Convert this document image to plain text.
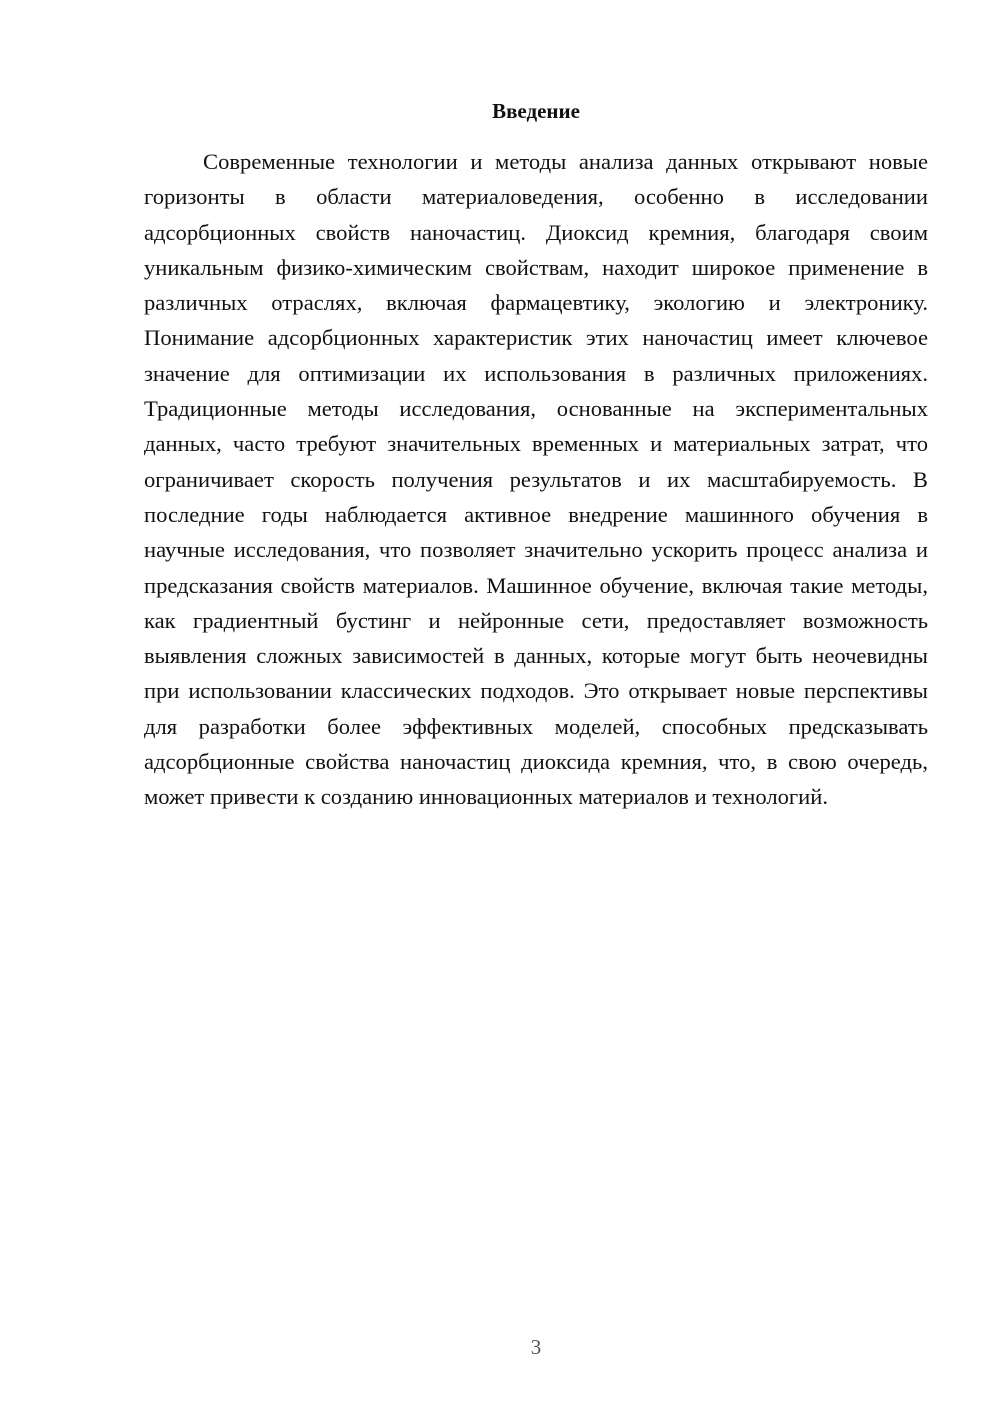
Введение

Современные технологии и методы анализа данных открывают новые горизонты в области материаловедения, особенно в исследовании адсорбционных свойств наночастиц. Диоксид кремния, благодаря своим уникальным физико-химическим свойствам, находит широкое применение в различных отраслях, включая фармацевтику, экологию и электронику. Понимание адсорбционных характеристик этих наночастиц имеет ключевое значение для оптимизации их использования в различных приложениях. Традиционные методы исследования, основанные на экспериментальных данных, часто требуют значительных временных и материальных затрат, что ограничивает скорость получения результатов и их масштабируемость. В последние годы наблюдается активное внедрение машинного обучения в научные исследования, что позволяет значительно ускорить процесс анализа и предсказания свойств материалов. Машинное обучение, включая такие методы, как градиентный бустинг и нейронные сети, предоставляет возможность выявления сложных зависимостей в данных, которые могут быть неочевидны при использовании классических подходов. Это открывает новые перспективы для разработки более эффективных моделей, способных предсказывать адсорбционные свойства наночастиц диоксида кремния, что, в свою очередь, может привести к созданию инновационных материалов и технологий.

3
